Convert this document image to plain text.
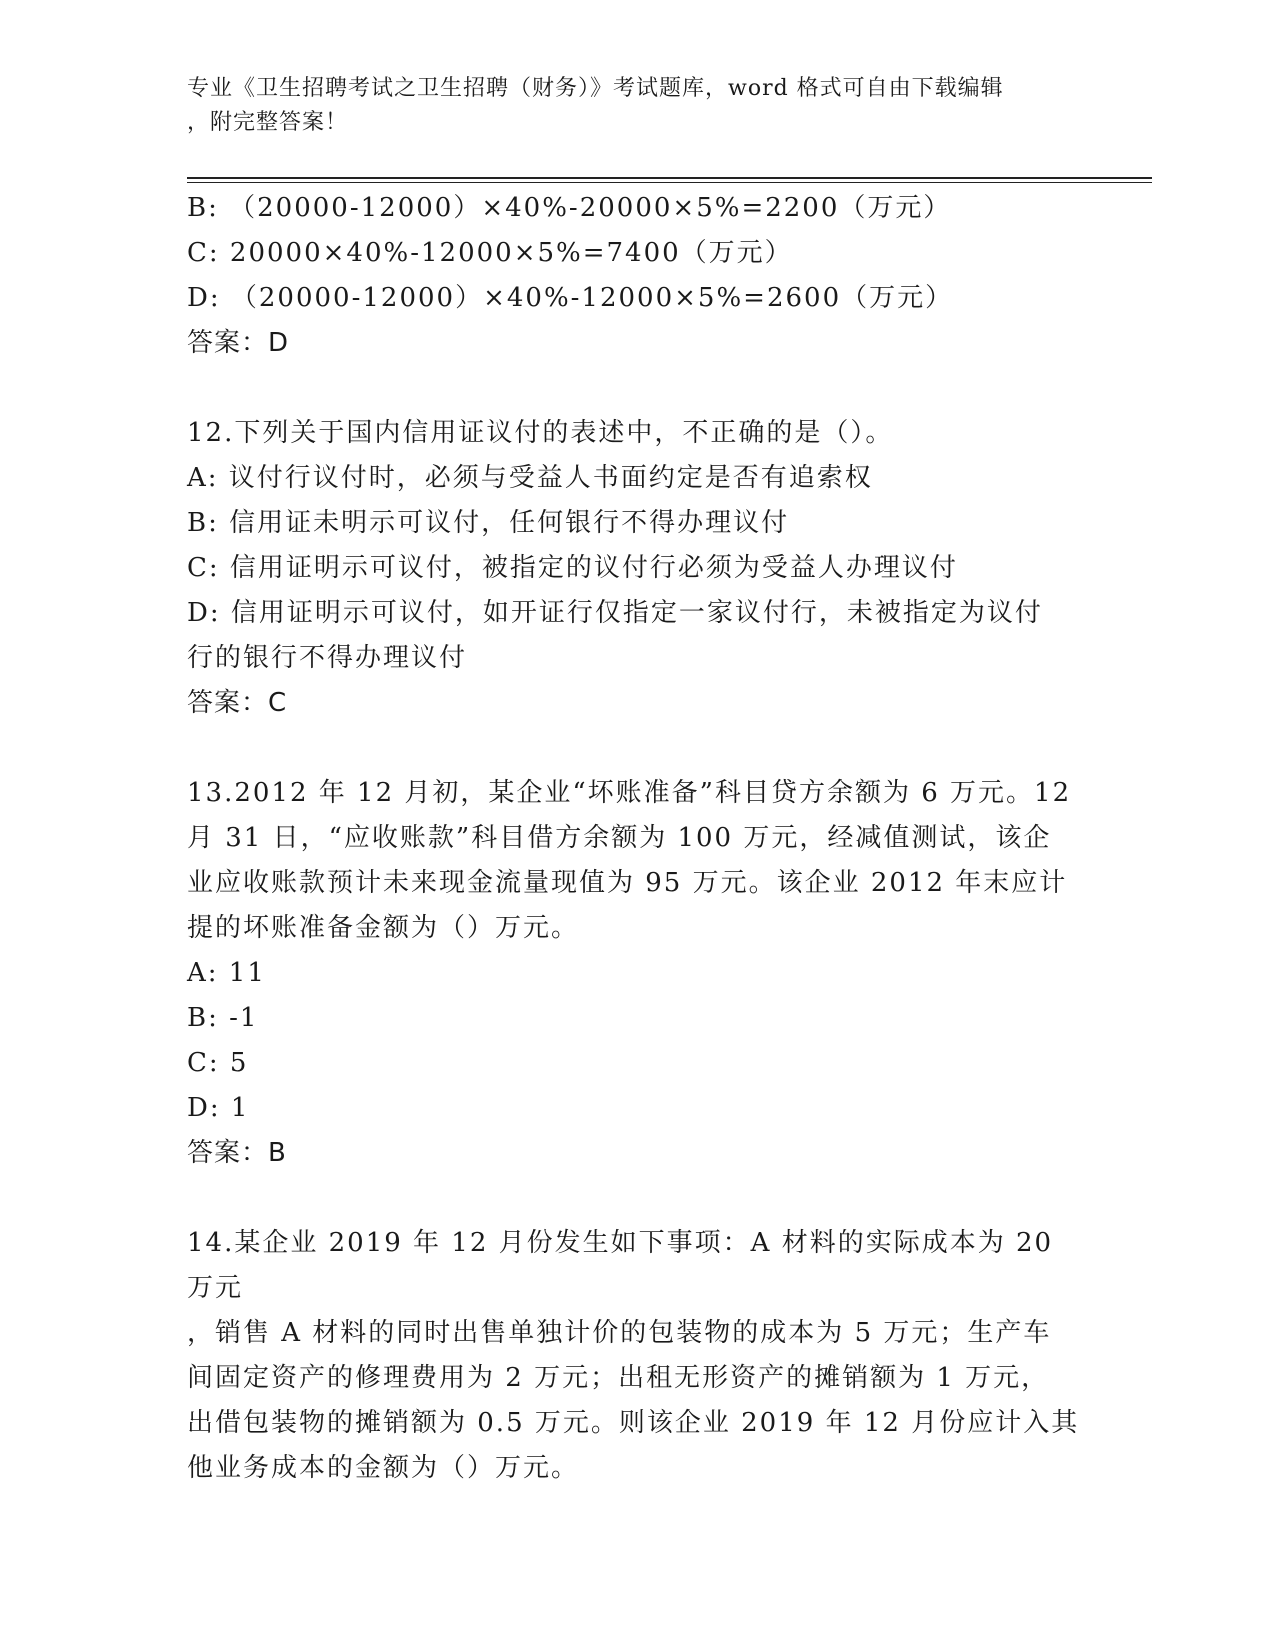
专业《卫生招聘考试之卫生招聘（财务）》考试题库，word 格式可自由下载编辑
，附完整答案！

B: （20000-12000）×40%-20000×5%=2200（万元）

C: 20000×40%-12000×5%=7400（万元）

D: （20000-12000）×40%-12000×5%=2600（万元）

答案：D

12.下列关于国内信用证议付的表述中，不正确的是（）。

A: 议付行议付时，必须与受益人书面约定是否有追索权

B: 信用证未明示可议付，任何银行不得办理议付

C: 信用证明示可议付，被指定的议付行必须为受益人办理议付

D: 信用证明示可议付，如开证行仅指定一家议付行，未被指定为议付

行的银行不得办理议付

答案：C

13.2012 年 12 月初，某企业“坏账准备”科目贷方余额为 6 万元。12

月 31 日，“应收账款”科目借方余额为 100 万元，经减值测试，该企

业应收账款预计未来现金流量现值为 95 万元。该企业 2012 年末应计

提的坏账准备金额为（）万元。

A: 11

B: -1

C: 5

D: 1

答案：B

14.某企业 2019 年 12 月份发生如下事项：A 材料的实际成本为 20 万元

，销售 A 材料的同时出售单独计价的包装物的成本为 5 万元；生产车

间固定资产的修理费用为 2 万元；出租无形资产的摊销额为 1 万元，

出借包装物的摊销额为 0.5 万元。则该企业 2019 年 12 月份应计入其

他业务成本的金额为（）万元。
